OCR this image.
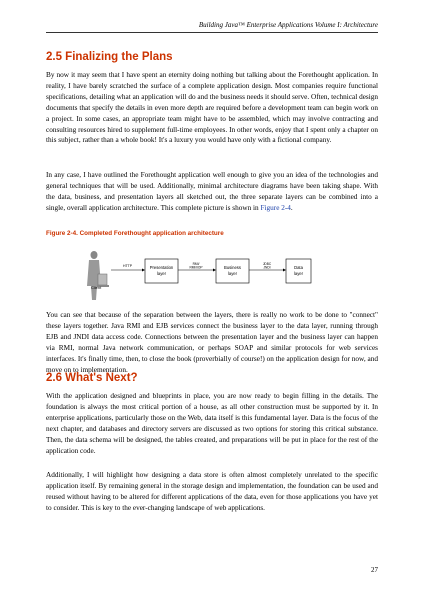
Building Java™ Enterprise Applications Volume I: Architecture
2.5 Finalizing the Plans

By now it may seem that I have spent an eternity doing nothing but talking about the Forethought application. In reality, I have barely scratched the surface of a complete application design. Most companies require functional specifications, detailing what an application will do and the business needs it should serve. Often, technical design documents that specify the details in even more depth are required before a development team can begin work on a project. In some cases, an appropriate team might have to be assembled, which may involve contracting and consulting resources hired to supplement full-time employees. In other words, enjoy that I spent only a chapter on this subject, rather than a whole book! It's a luxury you would have only with a fictional company.

In any case, I have outlined the Forethought application well enough to give you an idea of the technologies and general techniques that will be used. Additionally, minimal architecture diagrams have been taking shape. With the data, business, and presentation layers all sketched out, the three separate layers can be combined into a single, overall application architecture. This complete picture is shown in Figure 2-4.

Figure 2-4. Completed Forethought application architecture

Client
HTTP	Presentation
layer
RMI/
RMI/IIOP	Business
layer
JDBC
JNDI	Data
layer

You can see that because of the separation between the layers, there is really no work to be done to "connect" these layers together. Java RMI and EJB services connect the business layer to the data layer, running through EJB and JNDI data access code. Connections between the presentation layer and the business layer can happen via RMI, normal Java network communication, or perhaps SOAP and similar protocols for web services interfaces. It's finally time, then, to close the book (proverbially of course!) on the application design for now, and move on to implementation.

2.6 What's Next?

With the application designed and blueprints in place, you are now ready to begin filling in the details. The foundation is always the most critical portion of a house, as all other construction must be supported by it. In enterprise applications, particularly those on the Web, data itself is this fundamental layer. Data is the focus of the next chapter, and databases and directory servers are discussed as two options for storing this critical substance. Then, the data schema will be designed, the tables created, and preparations will be put in place for the rest of the application code.

Additionally, I will highlight how designing a data store is often almost completely unrelated to the specific application itself. By remaining general in the storage design and implementation, the foundation can be used and reused without having to be altered for different applications of the data, even for those applications you have yet to consider. This is key to the ever-changing landscape of web applications.

27
